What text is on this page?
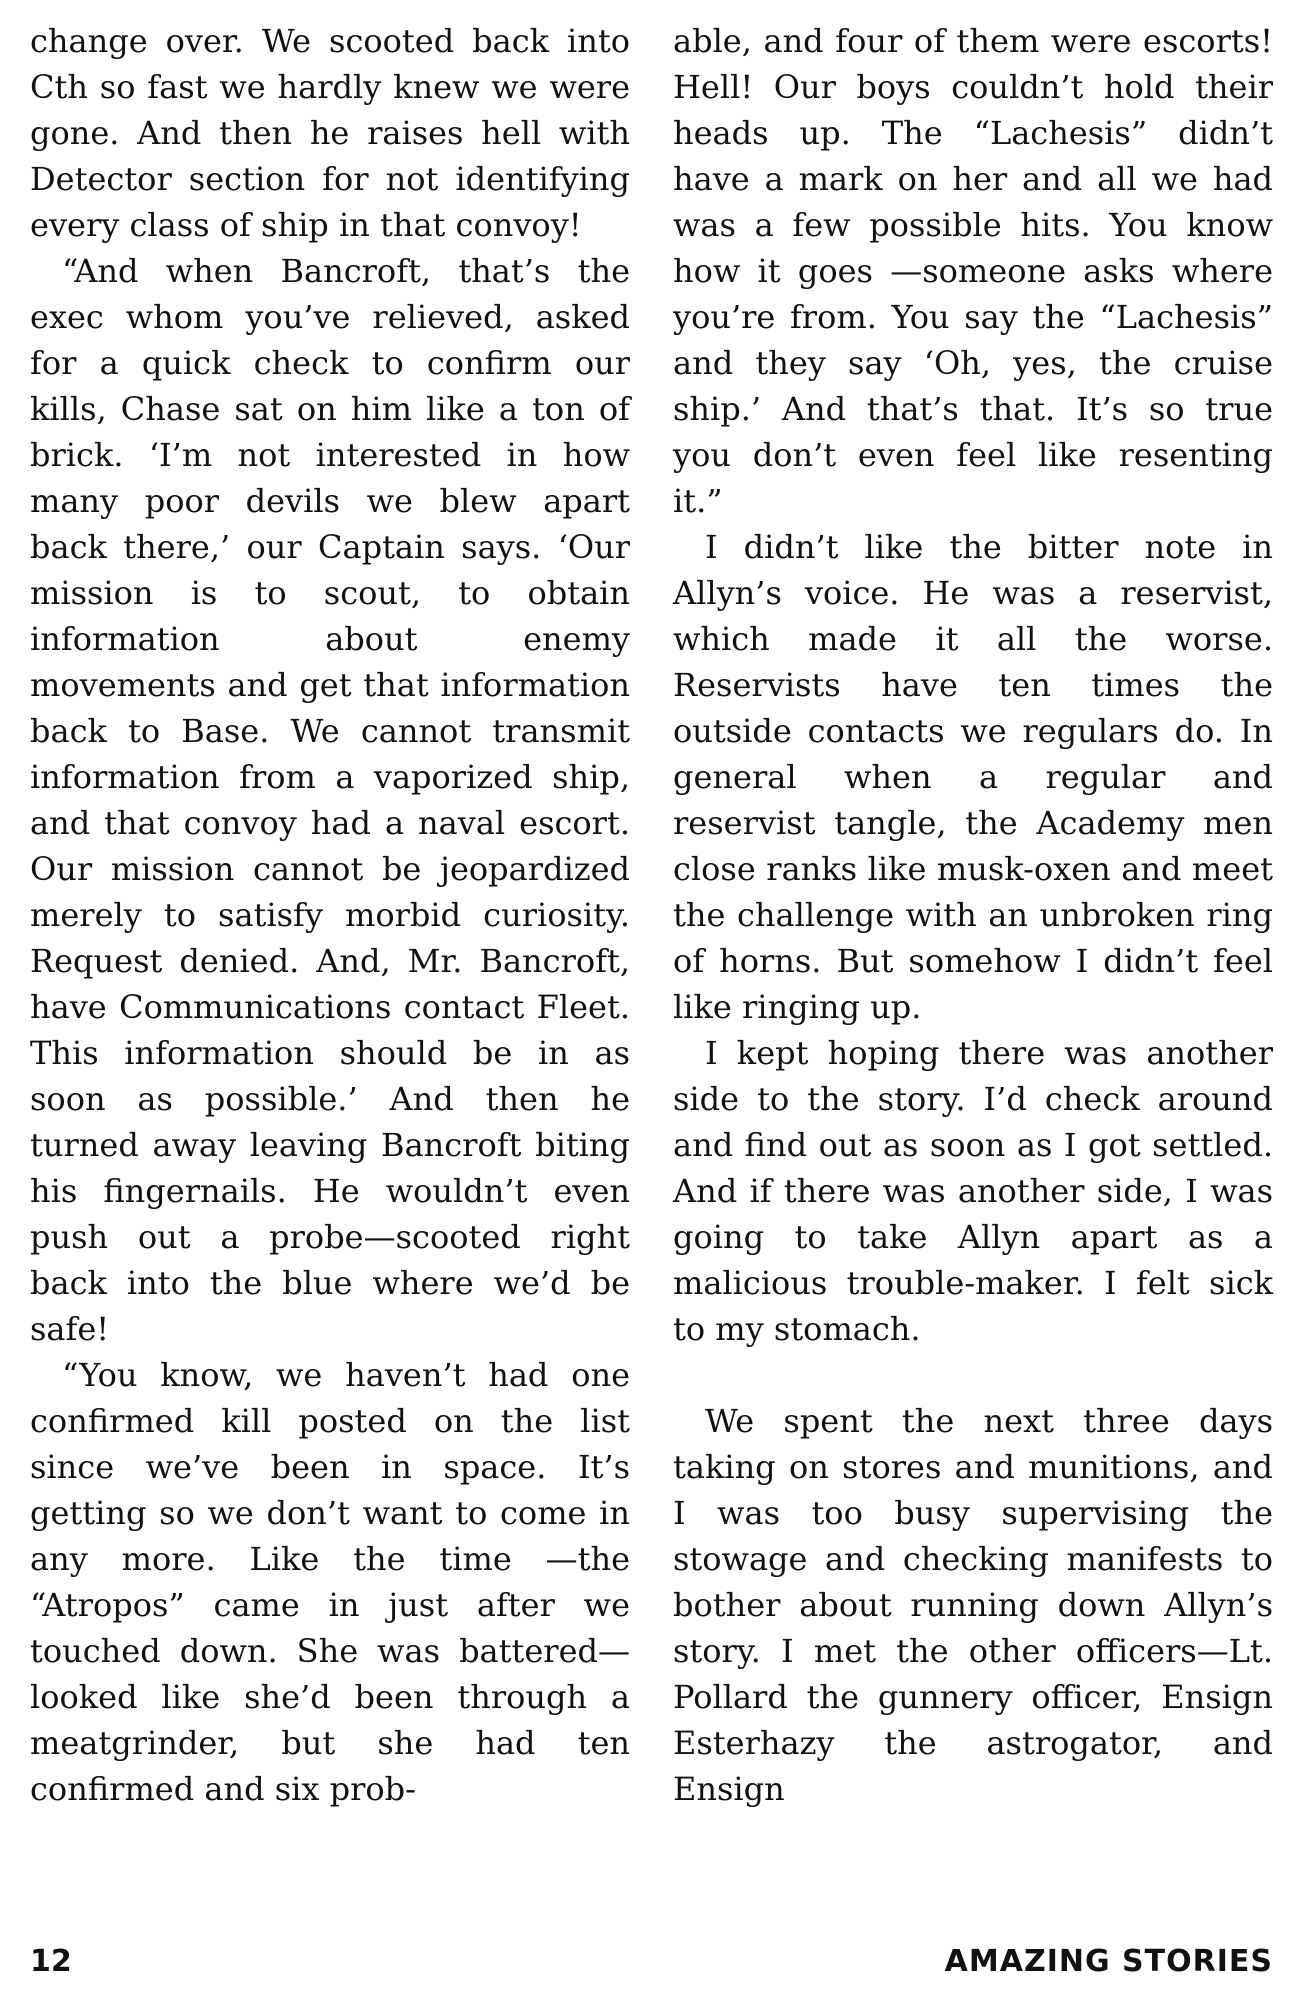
change over. We scooted back into Cth so fast we hardly knew we were gone. And then he raises hell with Detector section for not identifying every class of ship in that convoy!

“And when Bancroft, that’s the exec whom you’ve relieved, asked for a quick check to confirm our kills, Chase sat on him like a ton of brick. ‘I’m not interested in how many poor devils we blew apart back there,’ our Captain says. ‘Our mission is to scout, to obtain information about enemy movements and get that information back to Base. We cannot transmit information from a vaporized ship, and that convoy had a naval escort. Our mission cannot be jeopardized merely to satisfy morbid curiosity. Request denied. And, Mr. Bancroft, have Communications contact Fleet. This information should be in as soon as possible.’ And then he turned away leaving Bancroft biting his fingernails. He wouldn’t even push out a probe—scooted right back into the blue where we’d be safe!

“You know, we haven’t had one confirmed kill posted on the list since we’ve been in space. It’s getting so we don’t want to come in any more. Like the time —the “Atropos” came in just after we touched down. She was battered—looked like she’d been through a meatgrinder, but she had ten confirmed and six prob-

able, and four of them were escorts! Hell! Our boys couldn’t hold their heads up. The “Lachesis” didn’t have a mark on her and all we had was a few possible hits. You know how it goes —someone asks where you’re from. You say the “Lachesis” and they say ‘Oh, yes, the cruise ship.’ And that’s that. It’s so true you don’t even feel like resenting it.”

I didn’t like the bitter note in Allyn’s voice. He was a reservist, which made it all the worse. Reservists have ten times the outside contacts we regulars do. In general when a regular and reservist tangle, the Academy men close ranks like musk-oxen and meet the challenge with an unbroken ring of horns. But somehow I didn’t feel like ringing up.

I kept hoping there was another side to the story. I’d check around and find out as soon as I got settled. And if there was another side, I was going to take Allyn apart as a malicious trouble-maker. I felt sick to my stomach.

We spent the next three days taking on stores and munitions, and I was too busy supervising the stowage and checking manifests to bother about running down Allyn’s story. I met the other officers—Lt. Pollard the gunnery officer, Ensign Esterhazy the astrogator, and Ensign

12	AMAZING STORIES
